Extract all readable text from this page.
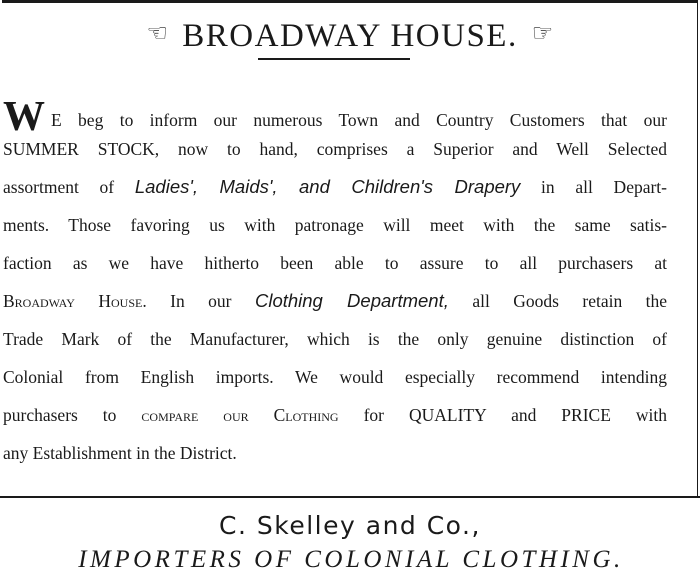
☞ BROADWAY HOUSE. ☞
W E beg to inform our numerous Town and Country Customers that our
SUMMER STOCK, now to hand, comprises a Superior and Well Selected
assortment of Ladies', Maids', and Children's Drapery in all Depart-
ments. Those favoring us with patronage will meet with the same satis-
faction as we have hitherto been able to assure to all purchasers at
Broadway House. In our Clothing Department, all Goods retain the
Trade Mark of the Manufacturer, which is the only genuine distinction of
Colonial from English imports. We would especially recommend intending
purchasers to compare our Clothing for QUALITY and PRICE with
any Establishment in the District.
C. Skelley and Co.,
IMPORTERS OF COLONIAL CLOTHING.
